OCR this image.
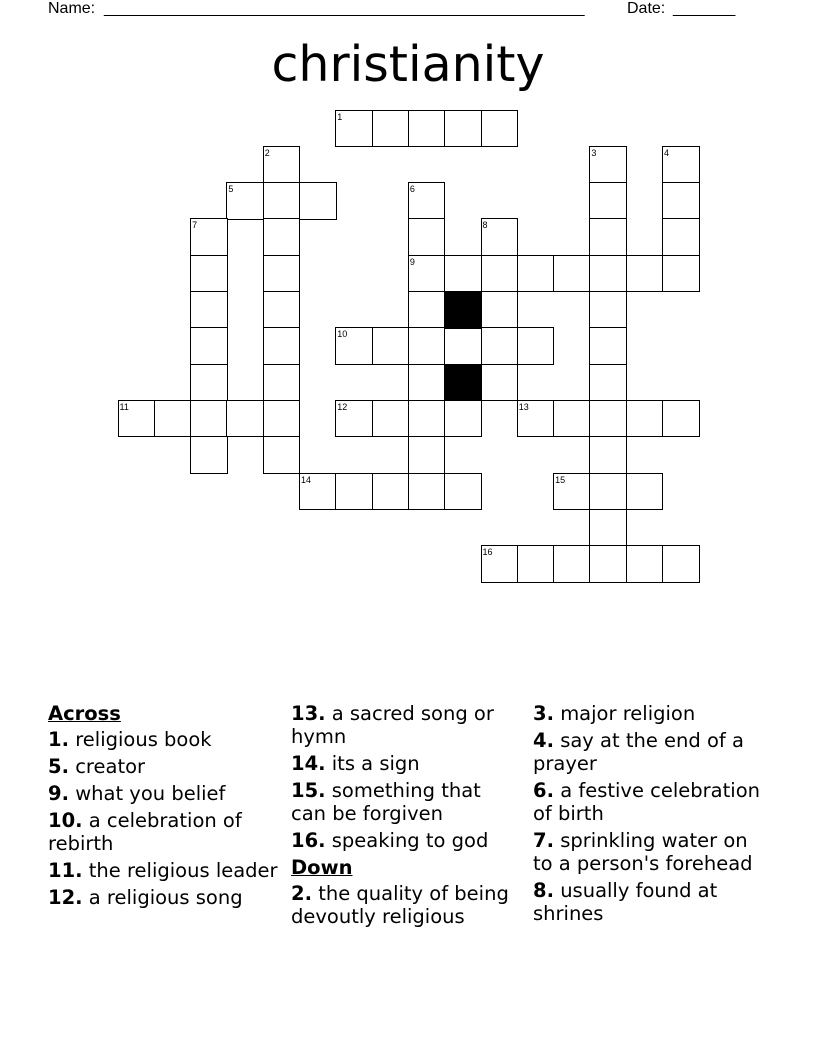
Name: ______________________________________________________	Date: _______
christianity
1
2	3	4
5	6
7	8
9
10
11	12	13
14	15
16
Across
1. religious book
5. creator
9. what you belief
10. a celebration of rebirth
11. the religious leader
12. a religious song
13. a sacred song or hymn
14. its a sign
15. something that can be forgiven
16. speaking to god
Down
2. the quality of being devoutly religious
3. major religion
4. say at the end of a prayer
6. a festive celebration of birth
7. sprinkling water on to a person's forehead
8. usually found at shrines
